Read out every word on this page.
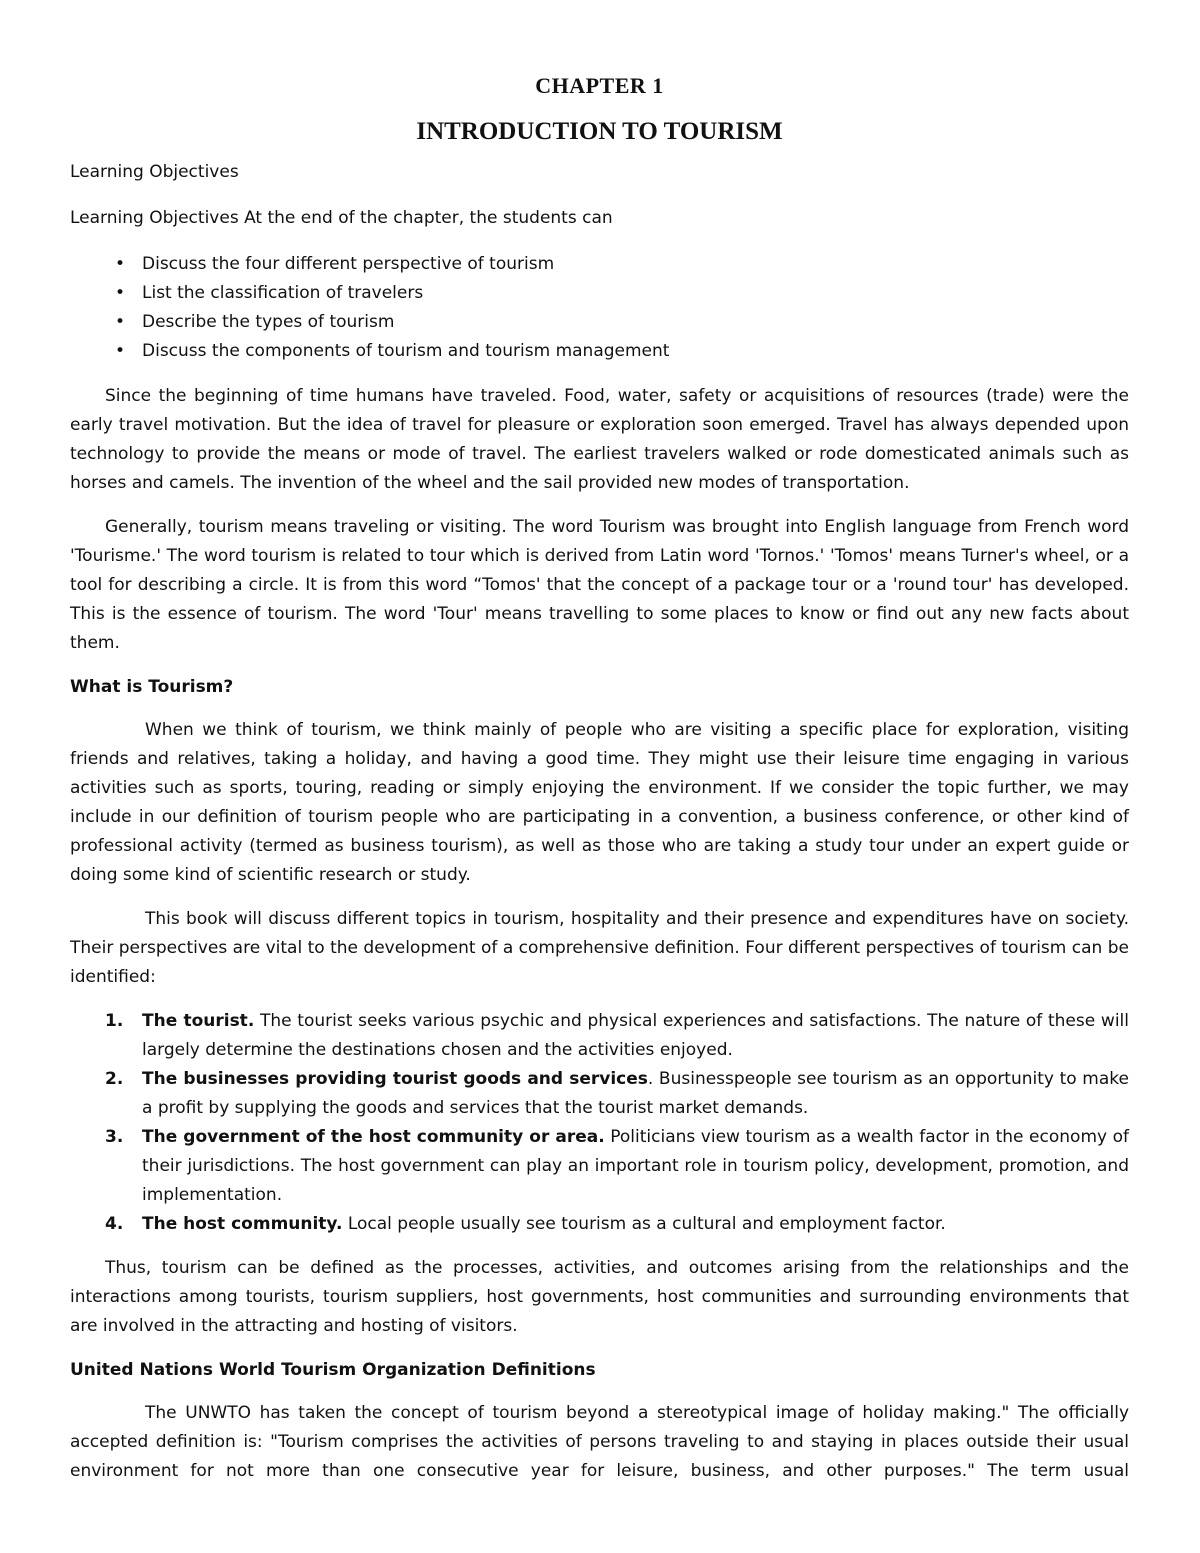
CHAPTER 1
INTRODUCTION TO TOURISM

Learning Objectives

Learning Objectives At the end of the chapter, the students can

• Discuss the four different perspective of tourism
• List the classification of travelers
• Describe the types of tourism
• Discuss the components of tourism and tourism management

Since the beginning of time humans have traveled. Food, water, safety or acquisitions of resources (trade) were the early travel motivation. But the idea of travel for pleasure or exploration soon emerged. Travel has always depended upon technology to provide the means or mode of travel. The earliest travelers walked or rode domesticated animals such as horses and camels. The invention of the wheel and the sail provided new modes of transportation.

Generally, tourism means traveling or visiting. The word Tourism was brought into English language from French word 'Tourisme.' The word tourism is related to tour which is derived from Latin word 'Tornos.' 'Tomos' means Turner's wheel, or a tool for describing a circle. It is from this word “Tomos' that the concept of a package tour or a 'round tour' has developed. This is the essence of tourism. The word 'Tour' means travelling to some places to know or find out any new facts about them.

What is Tourism?

When we think of tourism, we think mainly of people who are visiting a specific place for exploration, visiting friends and relatives, taking a holiday, and having a good time. They might use their leisure time engaging in various activities such as sports, touring, reading or simply enjoying the environment. If we consider the topic further, we may include in our definition of tourism people who are participating in a convention, a business conference, or other kind of professional activity (termed as business tourism), as well as those who are taking a study tour under an expert guide or doing some kind of scientific research or study.

This book will discuss different topics in tourism, hospitality and their presence and expenditures have on society. Their perspectives are vital to the development of a comprehensive definition. Four different perspectives of tourism can be identified:

1. The tourist. The tourist seeks various psychic and physical experiences and satisfactions. The nature of these will largely determine the destinations chosen and the activities enjoyed.
2. The businesses providing tourist goods and services. Businesspeople see tourism as an opportunity to make a profit by supplying the goods and services that the tourist market demands.
3. The government of the host community or area. Politicians view tourism as a wealth factor in the economy of their jurisdictions. The host government can play an important role in tourism policy, development, promotion, and implementation.
4. The host community. Local people usually see tourism as a cultural and employment factor.

Thus, tourism can be defined as the processes, activities, and outcomes arising from the relationships and the interactions among tourists, tourism suppliers, host governments, host communities and surrounding environments that are involved in the attracting and hosting of visitors.

United Nations World Tourism Organization Definitions

The UNWTO has taken the concept of tourism beyond a stereotypical image of holiday making." The officially accepted definition is: "Tourism comprises the activities of persons traveling to and staying in places outside their usual environment for not more than one consecutive year for leisure, business, and other purposes." The term usual
